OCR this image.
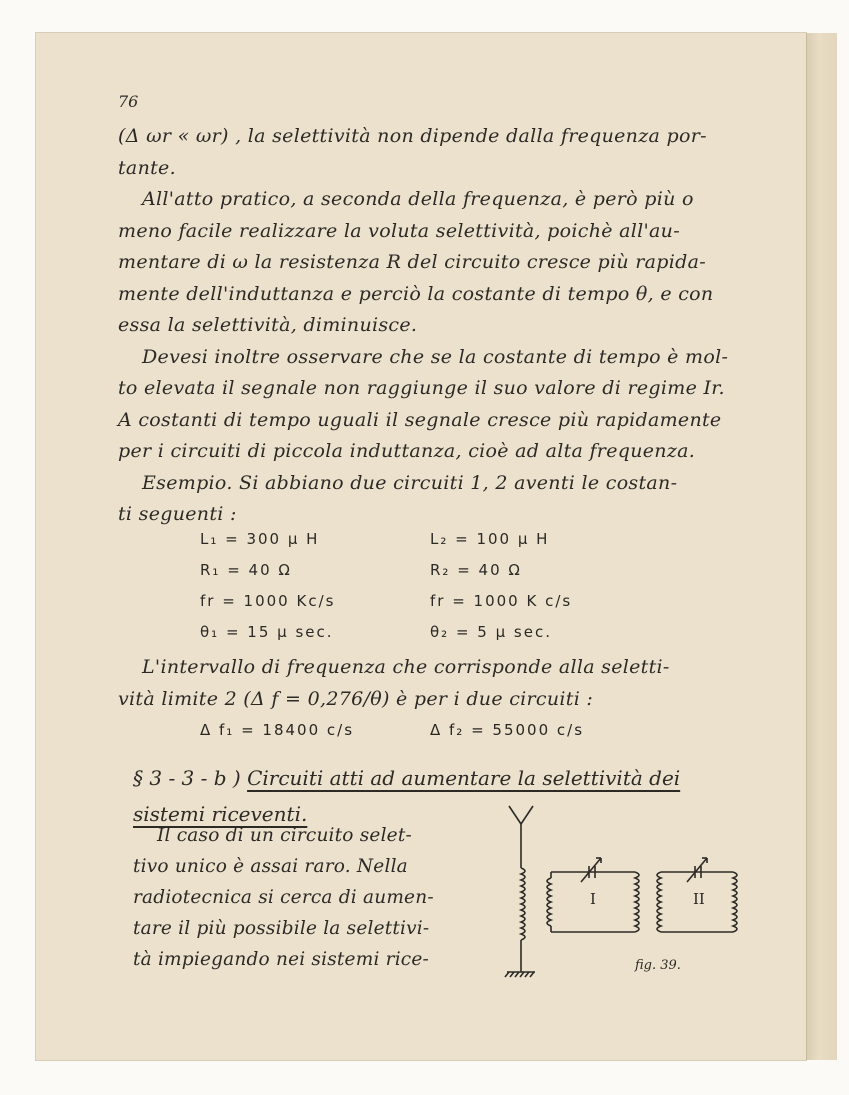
76
(Δ ωr « ωr) , la selettività non dipende dalla frequenza por-
tante.
All'atto pratico, a seconda della frequenza, è però più o
meno facile realizzare la voluta selettività, poichè all'au-
mentare di ω la resistenza R del circuito cresce più rapida-
mente dell'induttanza e perciò la costante di tempo θ, e con
essa la selettività, diminuisce.
Devesi inoltre osservare che se la costante di tempo è mol-
to elevata il segnale non raggiunge il suo valore di regime Ir.
A costanti di tempo uguali il segnale cresce più rapidamente
per i circuiti di piccola induttanza, cioè ad alta frequenza.
Esempio. Si abbiano due circuiti 1, 2 aventi le costan-
ti seguenti :
L₁ = 300 μ H	L₂ = 100 μ H
R₁ = 40 Ω	R₂ = 40 Ω
fr = 1000 Kc/s	fr = 1000 K c/s
θ₁ = 15 μ sec.	θ₂ = 5 μ sec.
L'intervallo di frequenza che corrisponde alla seletti-
vità limite 2 (Δ f = 0,276/θ) è per i due circuiti :
Δ f₁ = 18400 c/s	Δ f₂ = 55000 c/s
§ 3 - 3 - b ) Circuiti atti ad aumentare la selettività dei
sistemi riceventi.
Il caso di un circuito selet-
tivo unico è assai raro. Nella
radiotecnica si cerca di aumen-
tare il più possibile la selettivi-
tà impiegando nei sistemi rice-
I	II
fig. 39.
